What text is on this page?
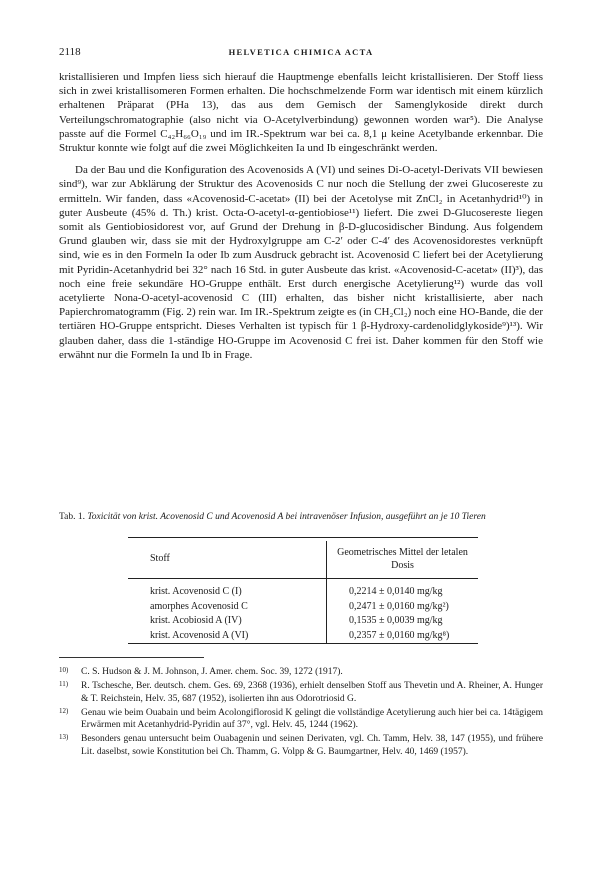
2118	HELVETICA CHIMICA ACTA

kristallisieren und Impfen liess sich hierauf die Hauptmenge ebenfalls leicht kristallisieren. Der Stoff liess sich in zwei kristallisomeren Formen erhalten. Die hochschmelzende Form war identisch mit einem kürzlich erhaltenen Präparat (PHa 13), das aus dem Gemisch der Samenglykoside direkt durch Verteilungschromatographie (also nicht via O-Acetylverbindung) gewonnen worden war⁵). Die Analyse passte auf die Formel C₄₂H₆₆O₁₉ und im IR.-Spektrum war bei ca. 8,1 μ keine Acetylbande erkennbar. Die Struktur konnte wie folgt auf die zwei Möglichkeiten Ia und Ib eingeschränkt werden.

Da der Bau und die Konfiguration des Acovenosids A (VI) und seines Di-O-acetyl-Derivats VII bewiesen sind⁹), war zur Abklärung der Struktur des Acovenosids C nur noch die Stellung der zwei Glucosereste zu ermitteln. Wir fanden, dass «Acovenosid-C-acetat» (II) bei der Acetolyse mit ZnCl₂ in Acetanhydrid¹⁰) in guter Ausbeute (45% d. Th.) krist. Octa-O-acetyl-α-gentiobiose¹¹) liefert. Die zwei D-Glucosereste liegen somit als Gentiobiosidorest vor, auf Grund der Drehung in β-D-glucosidischer Bindung. Aus folgendem Grund glauben wir, dass sie mit der Hydroxylgruppe am C-2′ oder C-4′ des Acovenosidorestes verknüpft sind, wie es in den Formeln Ia oder Ib zum Ausdruck gebracht ist. Acovenosid C liefert bei der Acetylierung mit Pyridin-Acetanhydrid bei 32° nach 16 Std. in guter Ausbeute das krist. «Acovenosid-C-acetat» (II)³), das noch eine freie sekundäre HO-Gruppe enthält. Erst durch energische Acetylierung¹²) wurde das voll acetylierte Nona-O-acetyl-acovenosid C (III) erhalten, das bisher nicht kristallisierte, aber nach Papierchromatogramm (Fig. 2) rein war. Im IR.-Spektrum zeigte es (in CH₂Cl₂) noch eine HO-Bande, die der tertiären HO-Gruppe entspricht. Dieses Verhalten ist typisch für 1 β-Hydroxy-cardenolidglykoside⁹)¹³). Wir glauben daher, dass die 1-ständige HO-Gruppe im Acovenosid C frei ist. Daher kommen für den Stoff wie erwähnt nur die Formeln Ia und Ib in Frage.

Tab. 1. Toxicität von krist. Acovenosid C und Acovenosid A bei intravenöser Infusion, ausgeführt an je 10 Tieren
Stoff	Geometrisches Mittel der letalen Dosis

krist. Acovenosid C (I)	0,2214 ± 0,0140 mg/kg
amorphes Acovenosid C	0,2471 ± 0,0160 mg/kg²)
krist. Acobiosid A (IV)	0,1535 ± 0,0039 mg/kg
krist. Acovenosid A (VI)	0,2357 ± 0,0160 mg/kg⁸)
10) C. S. Hudson & J. M. Johnson, J. Amer. chem. Soc. 39, 1272 (1917).
11) R. Tschesche, Ber. deutsch. chem. Ges. 69, 2368 (1936), erhielt denselben Stoff aus Thevetin und A. Rheiner, A. Hunger & T. Reichstein, Helv. 35, 687 (1952), isolierten ihn aus Odorotriosid G.
12) Genau wie beim Ouabain und beim Acolongiflorosid K gelingt die vollständige Acetylierung auch hier bei ca. 14tägigem Erwärmen mit Acetanhydrid-Pyridin auf 37°, vgl. Helv. 45, 1244 (1962).
13) Besonders genau untersucht beim Ouabagenin und seinen Derivaten, vgl. Ch. Tamm, Helv. 38, 147 (1955), und frühere Lit. daselbst, sowie Konstitution bei Ch. Thamm, G. Volpp & G. Baumgartner, Helv. 40, 1469 (1957).
